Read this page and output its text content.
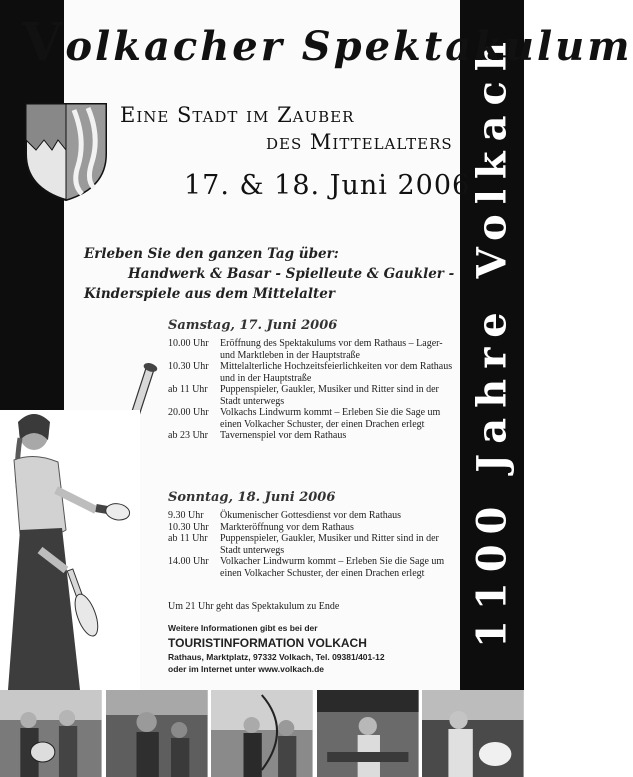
1100 Jahre Volkach
Volkacher Spektakulum
Eine Stadt im Zauber
des Mittelalters
17. & 18. Juni 2006
Erleben Sie den ganzen Tag über:
Handwerk & Basar - Spielleute & Gaukler -
Kinderspiele aus dem Mittelalter
Samstag, 17. Juni 2006
10.00 Uhr	Eröffnung des Spektakulums vor dem Rathaus – Lager- und Marktleben in der Hauptstraße
10.30 Uhr	Mittelalterliche Hochzeitsfeierlichkeiten vor dem Rathaus und in der Hauptstraße
ab 11 Uhr	Puppenspieler, Gaukler, Musiker und Ritter sind in der Stadt unterwegs
20.00 Uhr	Volkachs Lindwurm kommt – Erleben Sie die Sage um einen Volkacher Schuster, der einen Drachen erlegt
ab 23 Uhr	Tavernenspiel vor dem Rathaus
Sonntag, 18. Juni 2006
9.30 Uhr	Ökumenischer Gottesdienst vor dem Rathaus
10.30 Uhr	Markteröffnung vor dem Rathaus
ab 11 Uhr	Puppenspieler, Gaukler, Musiker und Ritter sind in der Stadt unterwegs
14.00 Uhr	Volkacher Lindwurm kommt – Erleben Sie die Sage um einen Volkacher Schuster, der einen Drachen erlegt
Um 21 Uhr geht das Spektakulum zu Ende
Weitere Informationen gibt es bei der
TOURISTINFORMATION VOLKACH
Rathaus, Marktplatz, 97332 Volkach, Tel. 09381/401-12
oder im Internet unter www.volkach.de
